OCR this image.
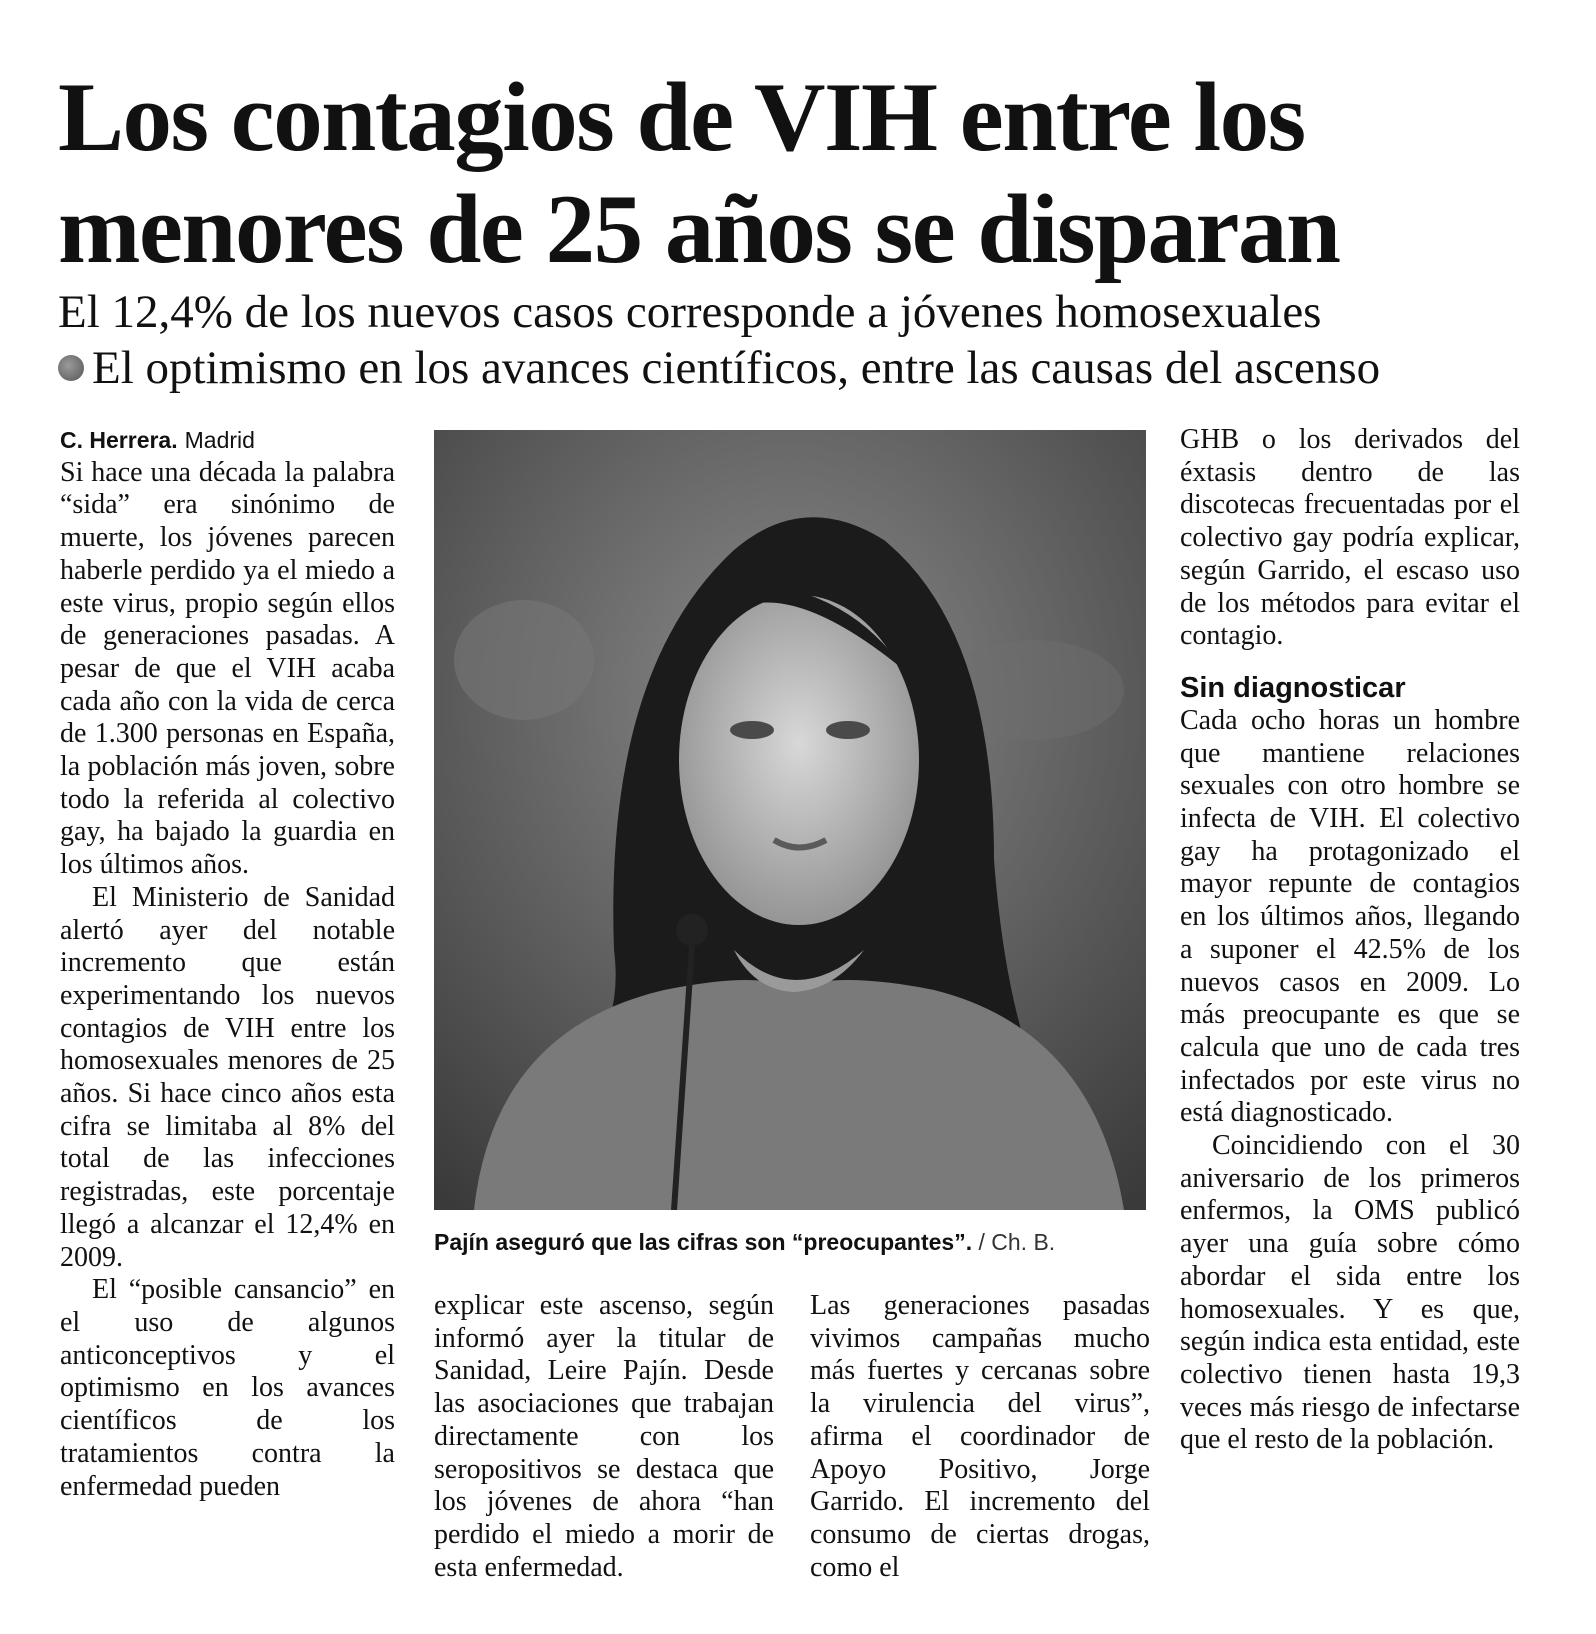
Los contagios de VIH entre los menores de 25 años se disparan
El 12,4% de los nuevos casos corresponde a jóvenes homosexuales
El optimismo en los avances científicos, entre las causas del ascenso
C. Herrera. Madrid

Si hace una década la palabra “sida” era sinónimo de muerte, los jóvenes parecen haberle perdido ya el miedo a este virus, propio según ellos de generaciones pasadas. A pesar de que el VIH acaba cada año con la vida de cerca de 1.300 personas en España, la población más joven, sobre todo la referida al colectivo gay, ha bajado la guardia en los últimos años.

El Ministerio de Sanidad alertó ayer del notable incremento que están experimentando los nuevos contagios de VIH entre los homosexuales menores de 25 años. Si hace cinco años esta cifra se limitaba al 8% del total de las infecciones registradas, este porcentaje llegó a alcanzar el 12,4% en 2009.

El “posible cansancio” en el uso de algunos anticonceptivos y el optimismo en los avances científicos de los tratamientos contra la enfermedad pueden

Pajín aseguró que las cifras son “preocupantes”. / Ch. B.

explicar este ascenso, según informó ayer la titular de Sanidad, Leire Pajín. Desde las asociaciones que trabajan directamente con los seropositivos se destaca que los jóvenes de ahora “han perdido el miedo a morir de esta enfermedad.

Las generaciones pasadas vivimos campañas mucho más fuertes y cercanas sobre la virulencia del virus”, afirma el coordinador de Apoyo Positivo, Jorge Garrido. El incremento del consumo de ciertas drogas, como el

GHB o los derivados del éxtasis dentro de las discotecas frecuentadas por el colectivo gay podría explicar, según Garrido, el escaso uso de los métodos para evitar el contagio.

Sin diagnosticar

Cada ocho horas un hombre que mantiene relaciones sexuales con otro hombre se infecta de VIH. El colectivo gay ha protagonizado el mayor repunte de contagios en los últimos años, llegando a suponer el 42.5% de los nuevos casos en 2009. Lo más preocupante es que se calcula que uno de cada tres infectados por este virus no está diagnosticado.

Coincidiendo con el 30 aniversario de los primeros enfermos, la OMS publicó ayer una guía sobre cómo abordar el sida entre los homosexuales. Y es que, según indica esta entidad, este colectivo tienen hasta 19,3 veces más riesgo de infectarse que el resto de la población.
